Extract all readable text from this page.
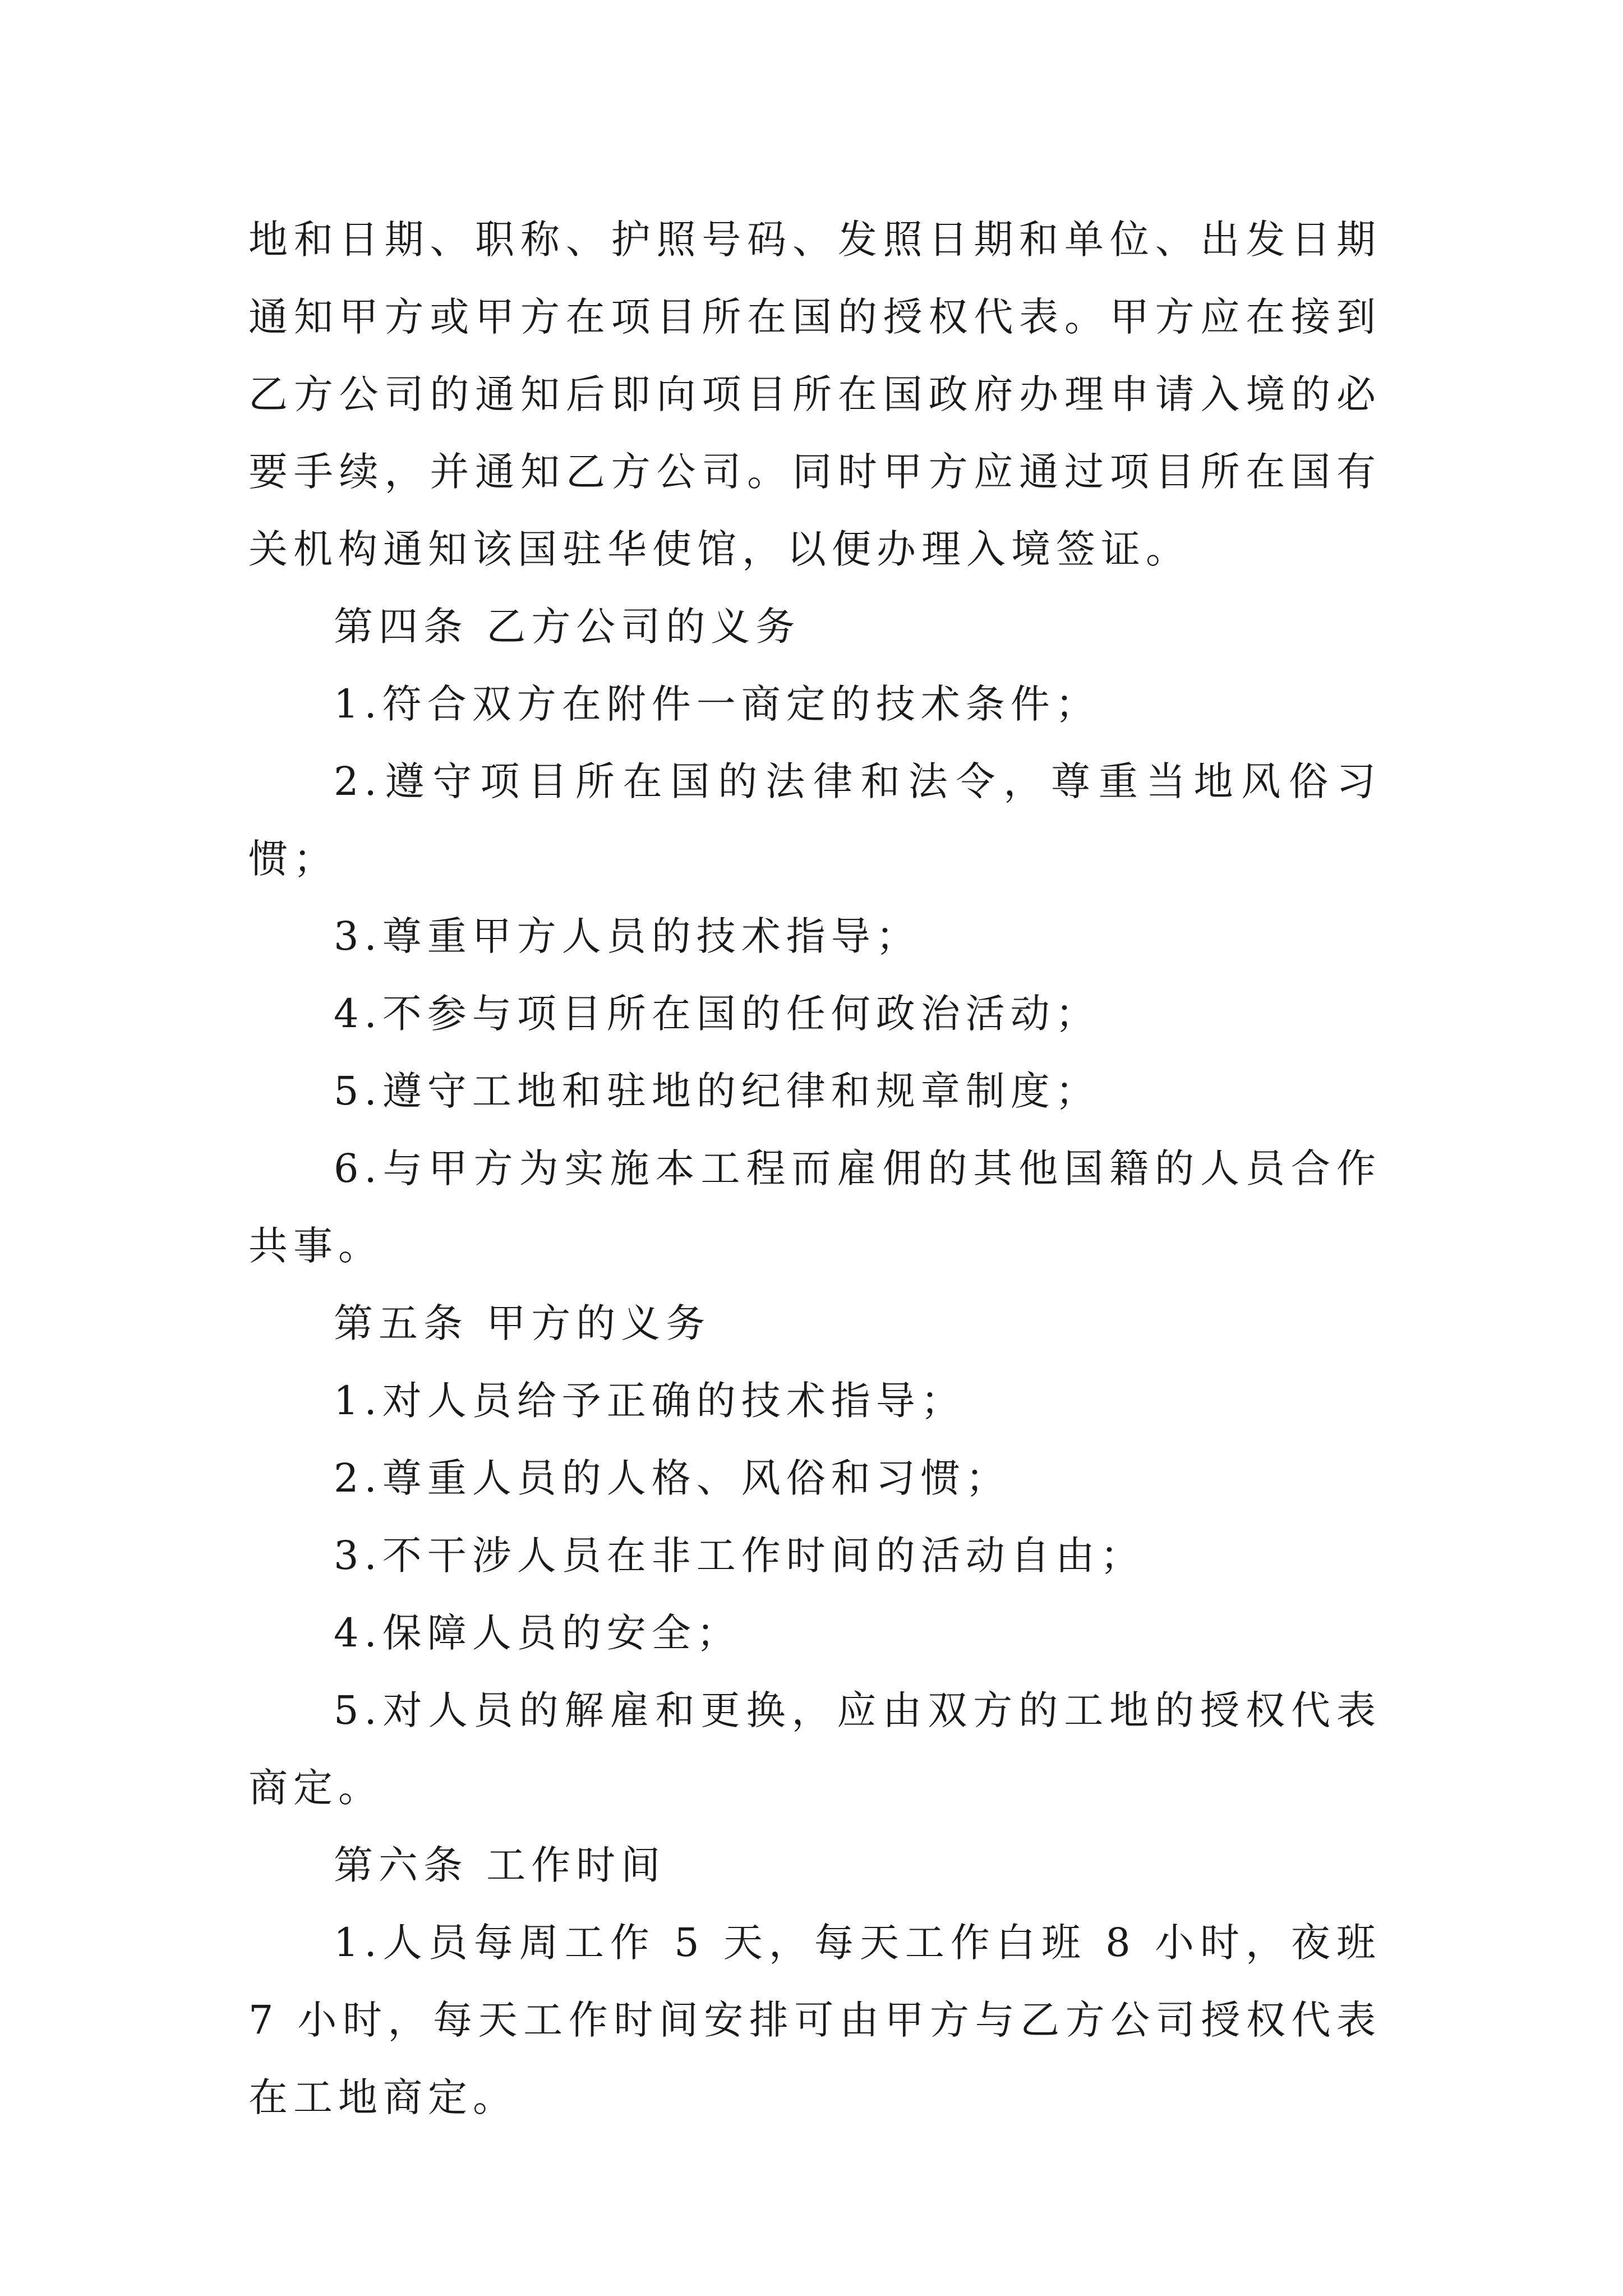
地和日期、职称、护照号码、发照日期和单位、出发日期通知甲方或甲方在项目所在国的授权代表。甲方应在接到乙方公司的通知后即向项目所在国政府办理申请入境的必要手续，并通知乙方公司。同时甲方应通过项目所在国有关机构通知该国驻华使馆，以便办理入境签证。

第四条 乙方公司的义务

1.符合双方在附件一商定的技术条件；

2.遵守项目所在国的法律和法令，尊重当地风俗习惯；

3.尊重甲方人员的技术指导；

4.不参与项目所在国的任何政治活动；

5.遵守工地和驻地的纪律和规章制度；

6.与甲方为实施本工程而雇佣的其他国籍的人员合作共事。

第五条 甲方的义务

1.对人员给予正确的技术指导；

2.尊重人员的人格、风俗和习惯；

3.不干涉人员在非工作时间的活动自由；

4.保障人员的安全；

5.对人员的解雇和更换，应由双方的工地的授权代表商定。

第六条 工作时间

1.人员每周工作 5 天，每天工作白班 8 小时，夜班 7 小时，每天工作时间安排可由甲方与乙方公司授权代表在工地商定。
